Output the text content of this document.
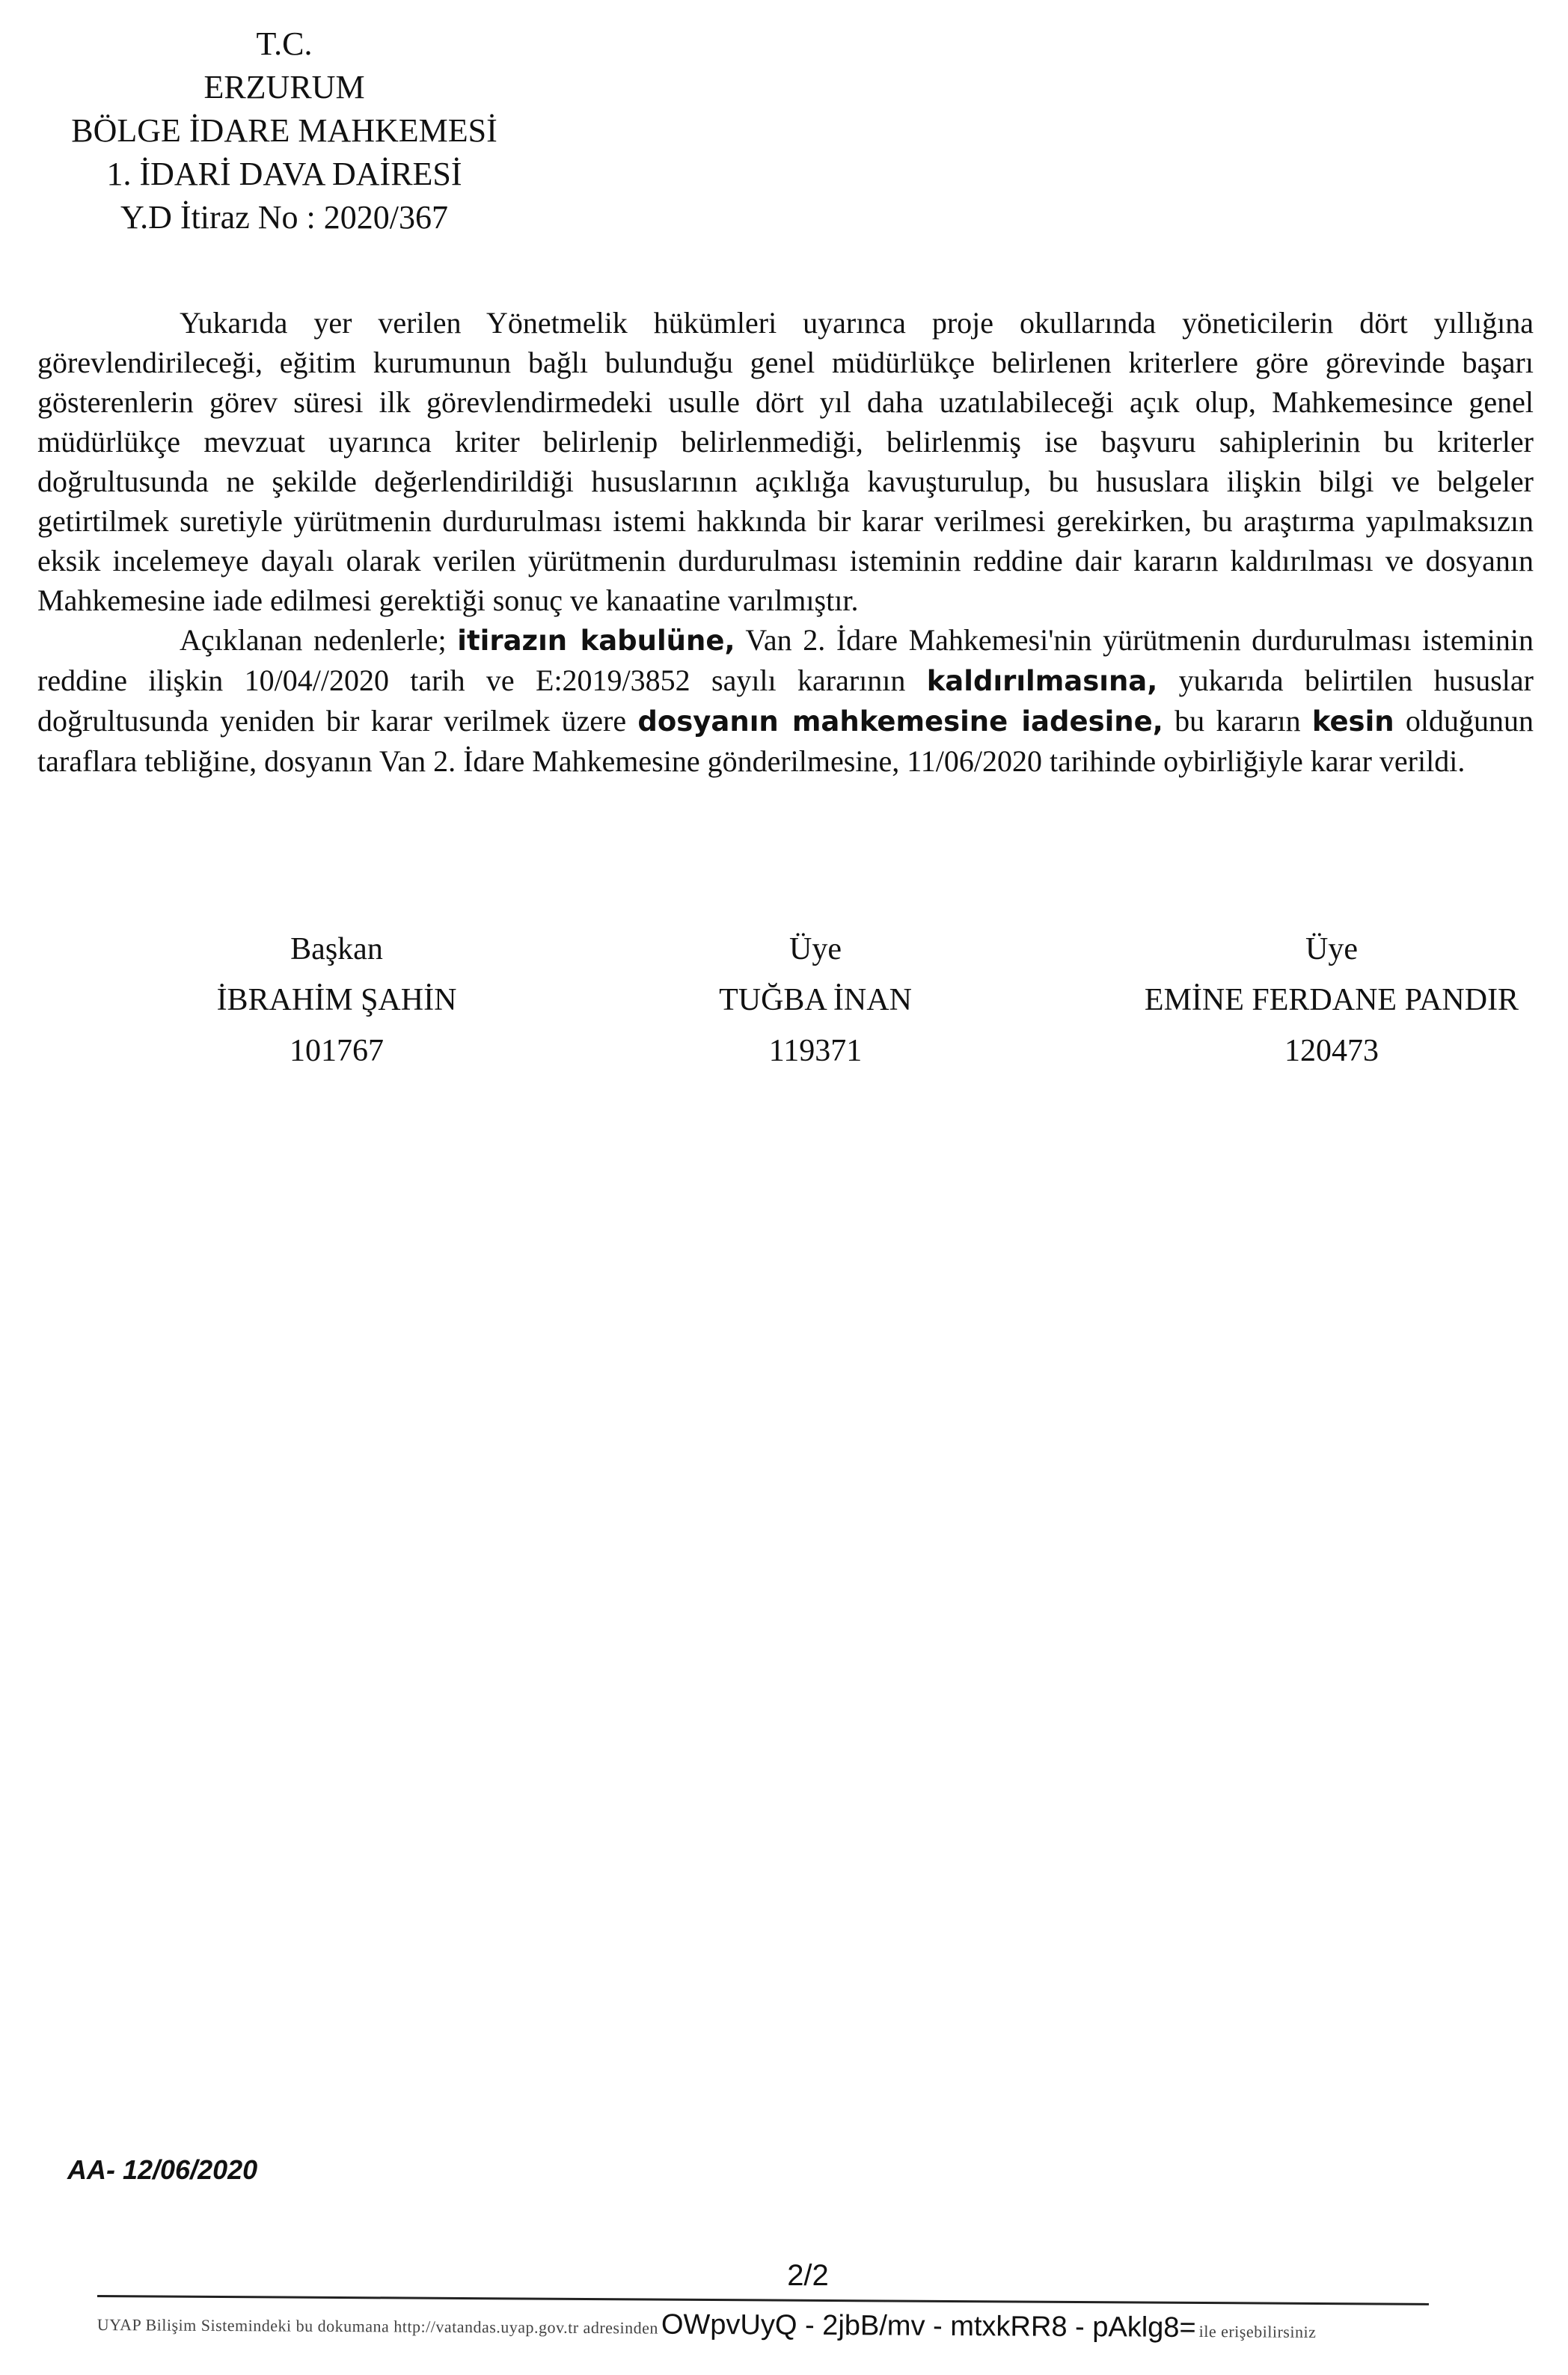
T.C.
ERZURUM
BÖLGE İDARE MAHKEMESİ
1. İDARİ DAVA DAİRESİ
Y.D İtiraz No : 2020/367

Yukarıda yer verilen Yönetmelik hükümleri uyarınca proje okullarında yöneticilerin dört yıllığına görevlendirileceği, eğitim kurumunun bağlı bulunduğu genel müdürlükçe belirlenen kriterlere göre görevinde başarı gösterenlerin görev süresi ilk görevlendirmedeki usulle dört yıl daha uzatılabileceği açık olup, Mahkemesince genel müdürlükçe mevzuat uyarınca kriter belirlenip belirlenmediği, belirlenmiş ise başvuru sahiplerinin bu kriterler doğrultusunda ne şekilde değerlendirildiği hususlarının açıklığa kavuşturulup, bu hususlara ilişkin bilgi ve belgeler getirtilmek suretiyle yürütmenin durdurulması istemi hakkında bir karar verilmesi gerekirken, bu araştırma yapılmaksızın eksik incelemeye dayalı olarak verilen yürütmenin durdurulması isteminin reddine dair kararın kaldırılması ve dosyanın Mahkemesine iade edilmesi gerektiği sonuç ve kanaatine varılmıştır.

Açıklanan nedenlerle; itirazın kabulüne, Van 2. İdare Mahkemesi'nin yürütmenin durdurulması isteminin reddine ilişkin 10/04//2020 tarih ve E:2019/3852 sayılı kararının kaldırılmasına, yukarıda belirtilen hususlar doğrultusunda yeniden bir karar verilmek üzere dosyanın mahkemesine iadesine, bu kararın kesin olduğunun taraflara tebliğine, dosyanın Van 2. İdare Mahkemesine gönderilmesine, 11/06/2020 tarihinde oybirliğiyle karar verildi.

Başkan
İBRAHİM ŞAHİN
101767
Üye
TUĞBA İNAN
119371
Üye
EMİNE FERDANE PANDIR
120473
AA- 12/06/2020
2/2
UYAP Bilişim Sistemindeki bu dokumana http://vatandas.uyap.gov.tr adresinden OWpvUyQ - 2jbB/mv - mtxkRR8 - pAklg8= ile erişebilirsiniz
